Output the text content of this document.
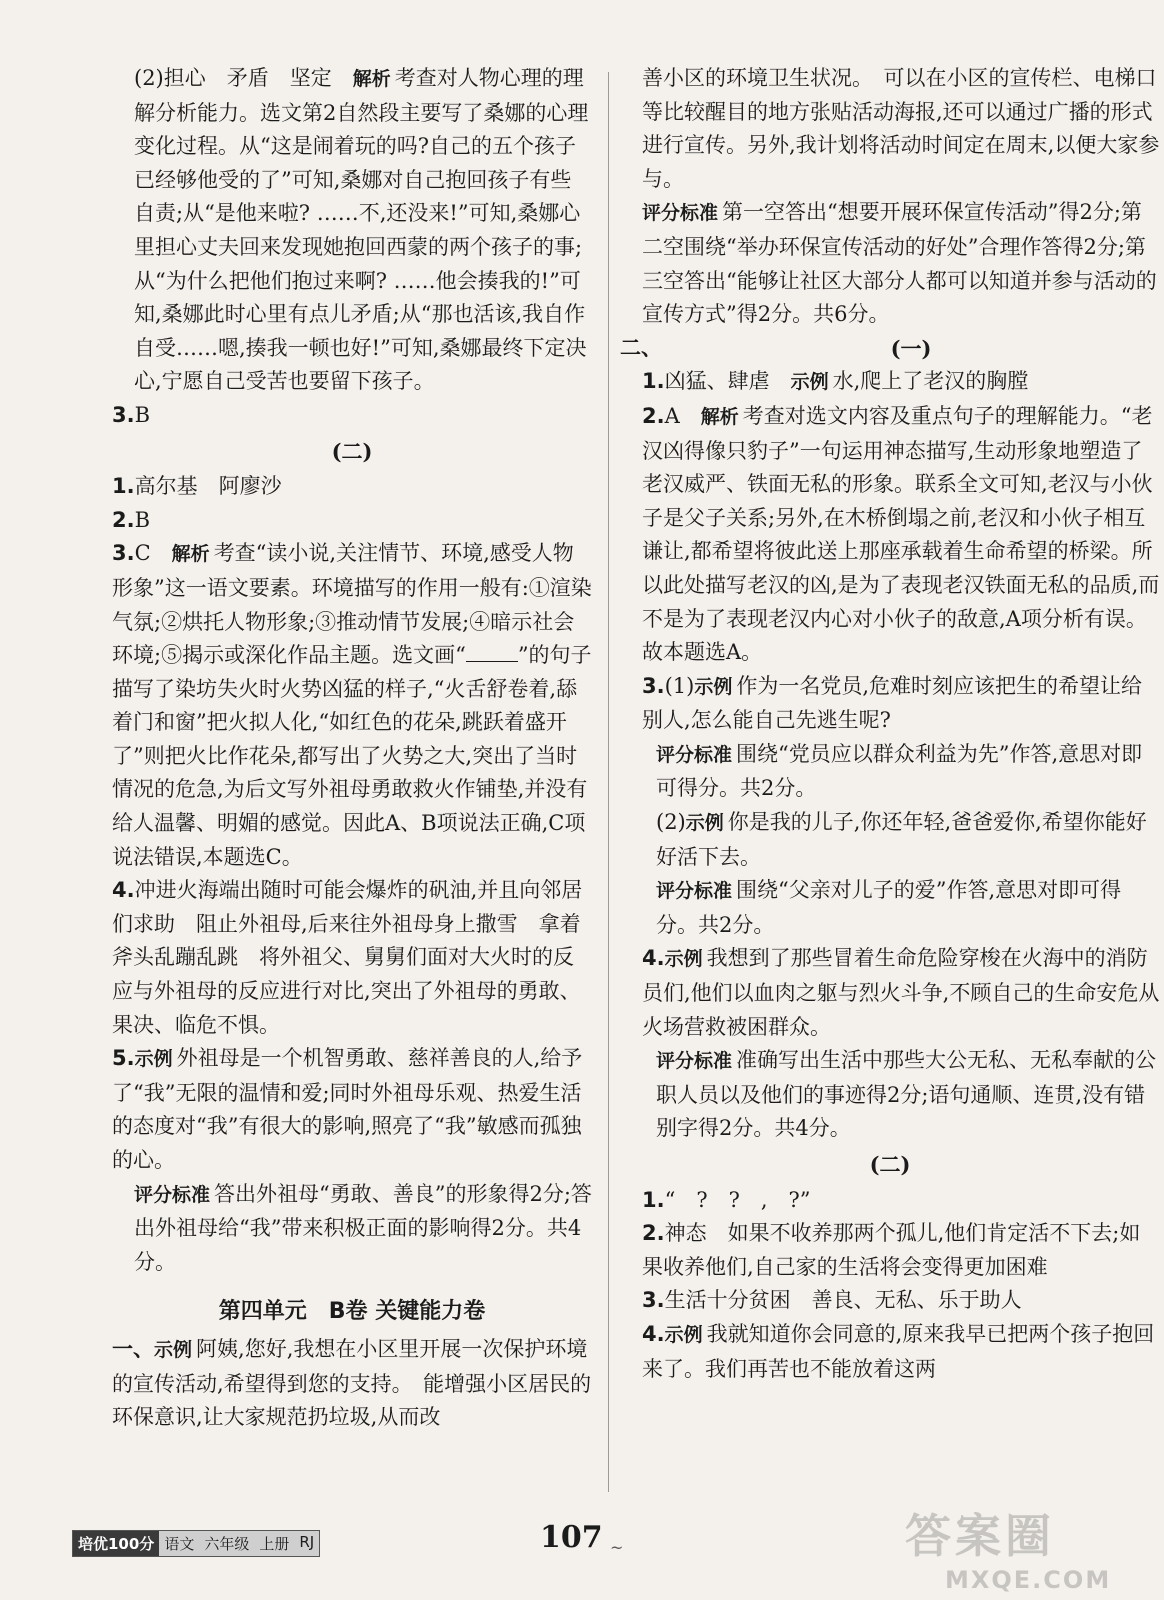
(2)担心　矛盾　坚定　 解析 考查对人物心理的理解分析能力。选文第2自然段主要写了桑娜的心理变化过程。从“这是闹着玩的吗?自己的五个孩子已经够他受的了”可知,桑娜对自己抱回孩子有些自责;从“是他来啦? ……不,还没来!”可知,桑娜心里担心丈夫回来发现她抱回西蒙的两个孩子的事;从“为什么把他们抱过来啊? ……他会揍我的!”可知,桑娜此时心里有点儿矛盾;从“那也活该,我自作自受……嗯,揍我一顿也好!”可知,桑娜最终下定决心,宁愿自己受苦也要留下孩子。

3.B

(二)

1.高尔基　阿廖沙

2.B

3.C　 解析 考查“读小说,关注情节、环境,感受人物形象”这一语文要素。环境描写的作用一般有:①渲染气氛;②烘托人物形象;③推动情节发展;④暗示社会环境;⑤揭示或深化作品主题。选文画“ ”的句子描写了染坊失火时火势凶猛的样子,“火舌舒卷着,舔着门和窗”把火拟人化,“如红色的花朵,跳跃着盛开了”则把火比作花朵,都写出了火势之大,突出了当时情况的危急,为后文写外祖母勇敢救火作铺垫,并没有给人温馨、明媚的感觉。因此A、B项说法正确,C项说法错误,本题选C。

4.冲进火海端出随时可能会爆炸的矾油,并且向邻居们求助　阻止外祖母,后来往外祖母身上撒雪　拿着斧头乱蹦乱跳　将外祖父、舅舅们面对大火时的反应与外祖母的反应进行对比,突出了外祖母的勇敢、果决、临危不惧。

5.示例 外祖母是一个机智勇敢、慈祥善良的人,给予了“我”无限的温情和爱;同时外祖母乐观、热爱生活的态度对“我”有很大的影响,照亮了“我”敏感而孤独的心。

评分标准 答出外祖母“勇敢、善良”的形象得2分;答出外祖母给“我”带来积极正面的影响得2分。共4分。

第四单元　B卷 关键能力卷

一、示例 阿姨,您好,我想在小区里开展一次保护环境的宣传活动,希望得到您的支持。　能增强小区居民的环保意识,让大家规范扔垃圾,从而改

善小区的环境卫生状况。　可以在小区的宣传栏、电梯口等比较醒目的地方张贴活动海报,还可以通过广播的形式进行宣传。另外,我计划将活动时间定在周末,以便大家参与。

评分标准 第一空答出“想要开展环保宣传活动”得2分;第二空围绕“举办环保宣传活动的好处”合理作答得2分;第三空答出“能够让社区大部分人都可以知道并参与活动的宣传方式”得2分。共6分。

二、	(一)

1.凶猛、肆虐　 示例 水,爬上了老汉的胸膛

2.A　 解析 考查对选文内容及重点句子的理解能力。“老汉凶得像只豹子”一句运用神态描写,生动形象地塑造了老汉威严、铁面无私的形象。联系全文可知,老汉与小伙子是父子关系;另外,在木桥倒塌之前,老汉和小伙子相互谦让,都希望将彼此送上那座承载着生命希望的桥梁。所以此处描写老汉的凶,是为了表现老汉铁面无私的品质,而不是为了表现老汉内心对小伙子的敌意,A项分析有误。故本题选A。

3.(1)示例 作为一名党员,危难时刻应该把生的希望让给别人,怎么能自己先逃生呢?

评分标准 围绕“党员应以群众利益为先”作答,意思对即可得分。共2分。

(2)示例 你是我的儿子,你还年轻,爸爸爱你,希望你能好好活下去。

评分标准 围绕“父亲对儿子的爱”作答,意思对即可得分。共2分。

4.示例 我想到了那些冒着生命危险穿梭在火海中的消防员们,他们以血肉之躯与烈火斗争,不顾自己的生命安危从火场营救被困群众。

评分标准 准确写出生活中那些大公无私、无私奉献的公职人员以及他们的事迹得2分;语句通顺、连贯,没有错别字得2分。共4分。

(二)

1.“　?　?　,　?”

2.神态　如果不收养那两个孤儿,他们肯定活不下去;如果收养他们,自己家的生活将会变得更加困难

3.生活十分贫困　善良、无私、乐于助人

4.示例 我就知道你会同意的,原来我早已把两个孩子抱回来了。我们再苦也不能放着这两

培优100分 语文 六年级 上册 RJ	107 ~	答案圈
MXQE.COM
